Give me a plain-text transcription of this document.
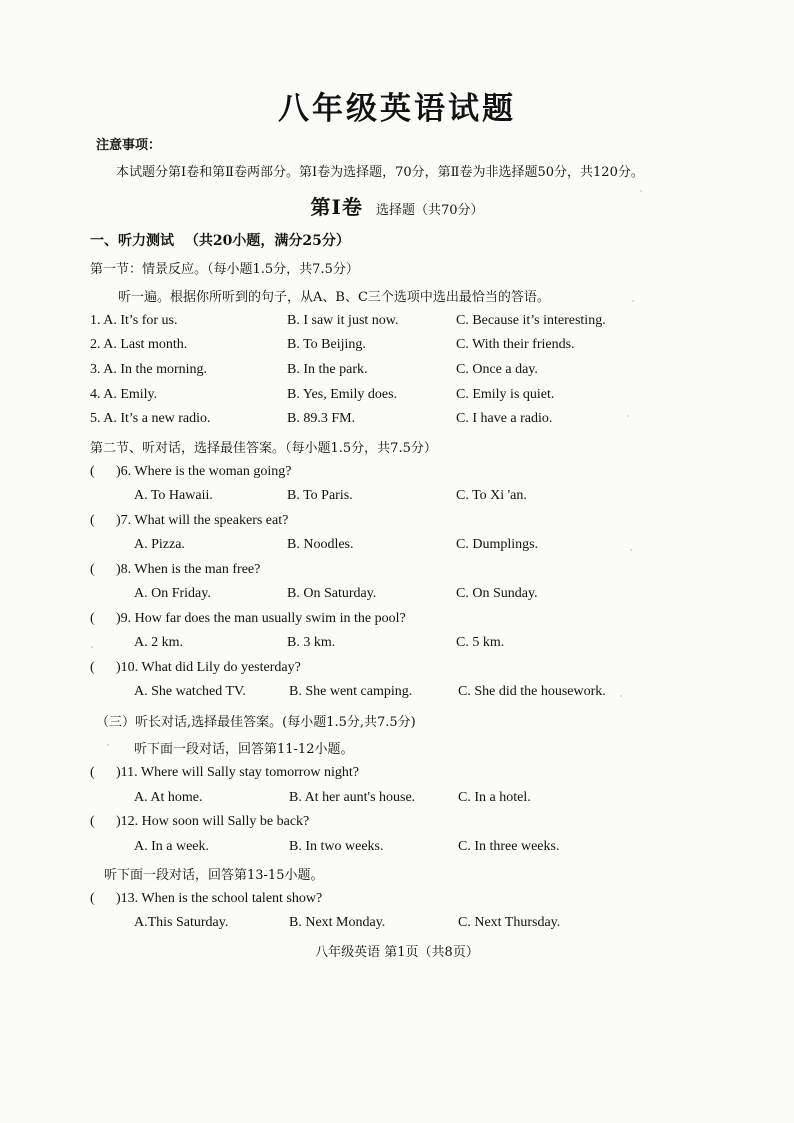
八年级英语试题
注意事项：
本试题分第Ⅰ卷和第Ⅱ卷两部分。第Ⅰ卷为选择题，70分，第Ⅱ卷为非选择题50分，共120分。
第Ⅰ卷 选择题（共70分）
一、听力测试 （共20小题，满分25分）
第一节：情景反应。（每小题1.5分，共7.5分）
听一遍。根据你所听到的句子，从A、B、C三个选项中选出最恰当的答语。
1. A. It’s for us.	B. I saw it just now.	C. Because it’s interesting.
2. A. Last month.	B. To Beijing.	C. With their friends.
3. A. In the morning.	B. In the park.	C. Once a day.
4. A. Emily.	B. Yes, Emily does.	C. Emily is quiet.
5. A. It’s a new radio.	B. 89.3 FM.	C. I have a radio.
第二节、听对话，选择最佳答案。（每小题1.5分，共7.5分）
( )6. Where is the woman going?
A. To Hawaii.	B. To Paris.	C. To Xi 'an.
( )7. What will the speakers eat?
A. Pizza.	B. Noodles.	C. Dumplings.
( )8. When is the man free?
A. On Friday.	B. On Saturday.	C. On Sunday.
( )9. How far does the man usually swim in the pool?
A. 2 km.	B. 3 km.	C. 5 km.
( )10. What did Lily do yesterday?
A. She watched TV.	B. She went camping.	C. She did the housework.
（三）听长对话,选择最佳答案。(每小题1.5分,共7.5分)
听下面一段对话，回答第11-12小题。
( )11. Where will Sally stay tomorrow night?
A. At home.	B. At her aunt's house.	C. In a hotel.
( )12. How soon will Sally be back?
A. In a week.	B. In two weeks.	C. In three weeks.
听下面一段对话，回答第13-15小题。
( )13. When is the school talent show?
A.This Saturday.	B. Next Monday.	C. Next Thursday.
八年级英语 第1页（共8页）
